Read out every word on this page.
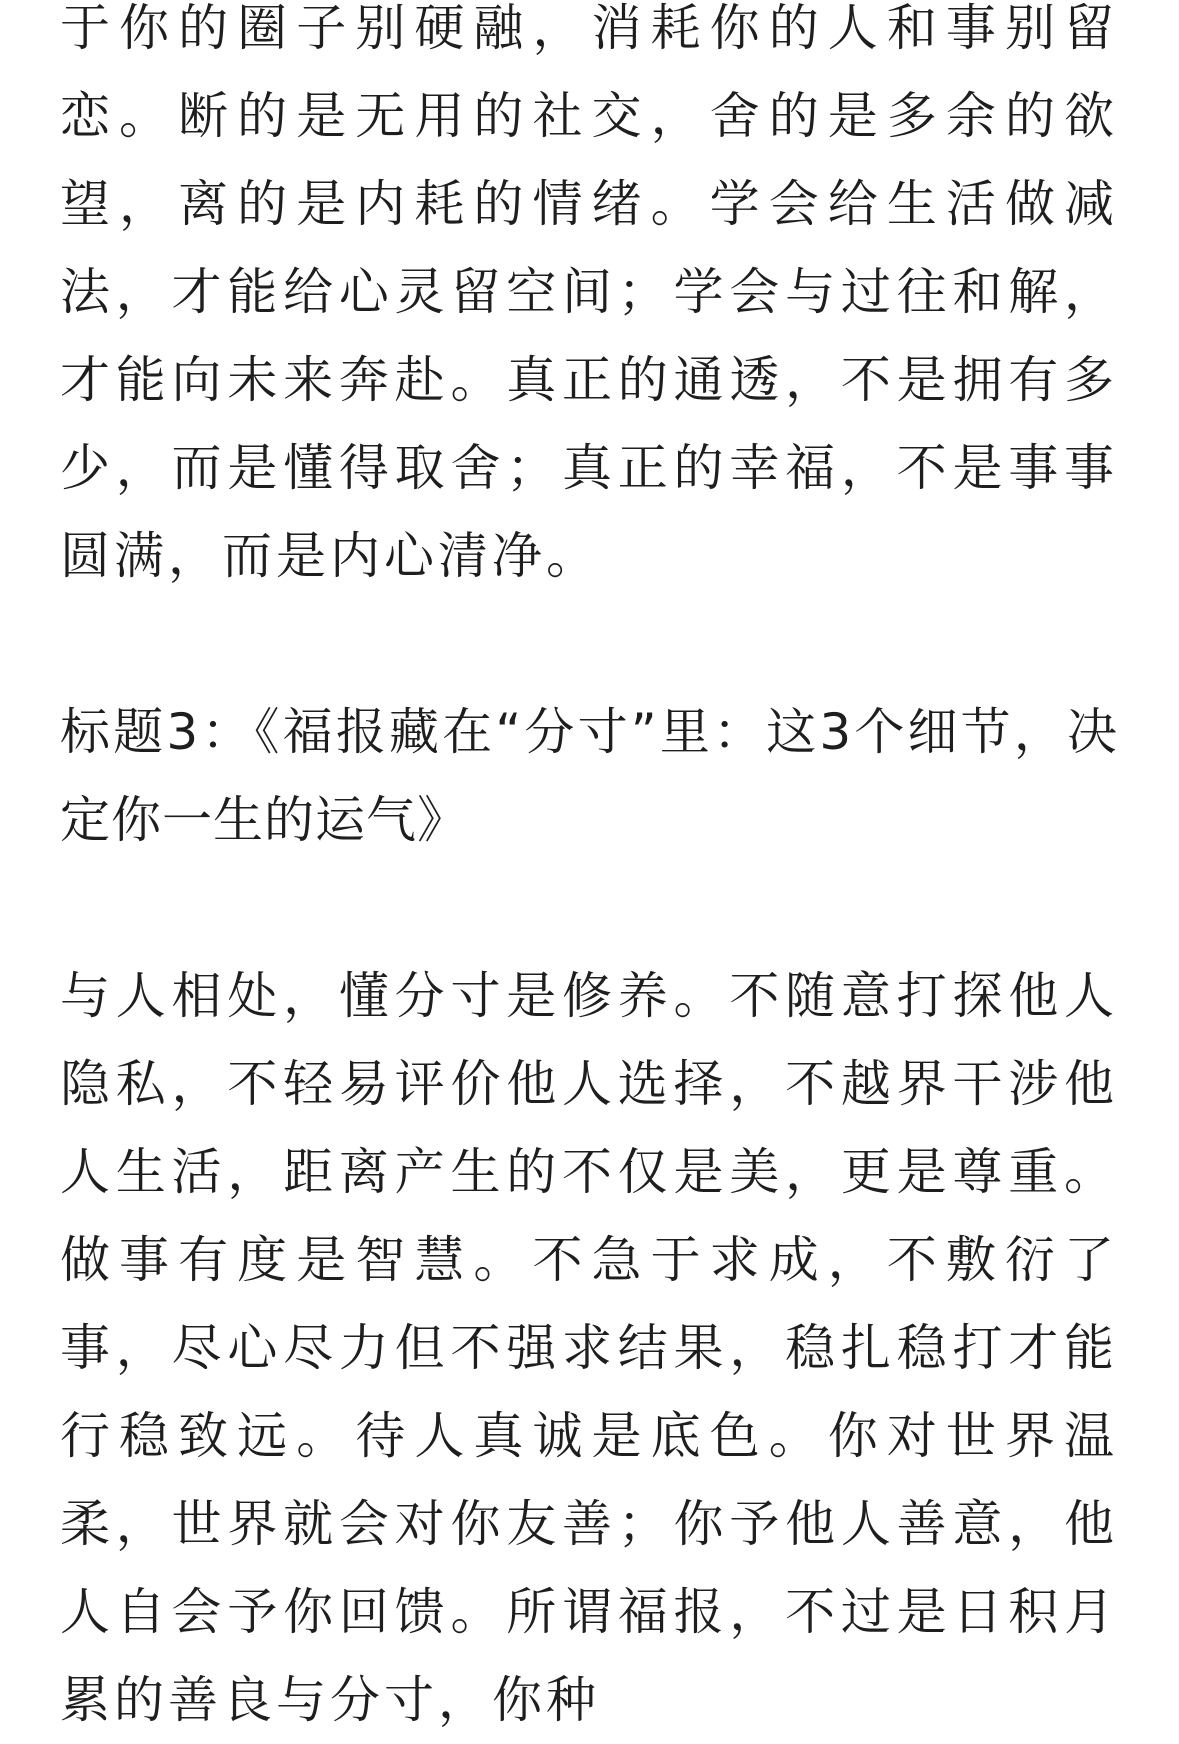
于你的圈子别硬融，消耗你的人和事别留恋。断的是无用的社交，舍的是多余的欲望，离的是内耗的情绪。学会给生活做减法，才能给心灵留空间；学会与过往和解，才能向未来奔赴。真正的通透，不是拥有多少，而是懂得取舍；真正的幸福，不是事事圆满，而是内心清净。

标题3：《福报藏在“分寸”里：这3个细节，决定你一生的运气》

与人相处，懂分寸是修养。不随意打探他人隐私，不轻易评价他人选择，不越界干涉他人生活，距离产生的不仅是美，更是尊重。做事有度是智慧。不急于求成，不敷衍了事，尽心尽力但不强求结果，稳扎稳打才能行稳致远。待人真诚是底色。你对世界温柔，世界就会对你友善；你予他人善意，他人自会予你回馈。所谓福报，不过是日积月累的善良与分寸，你种
